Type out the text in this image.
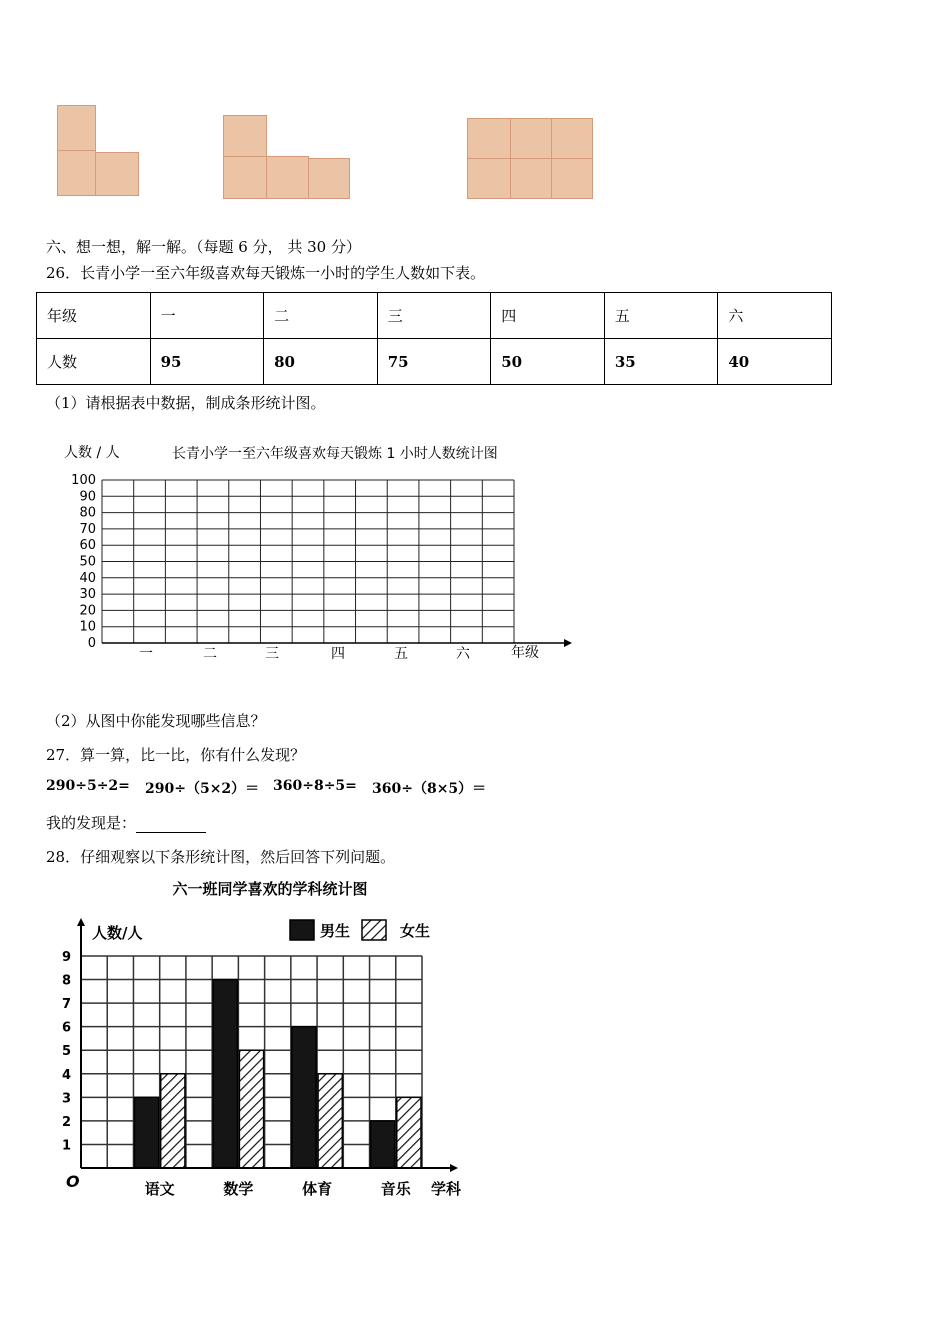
六、想一想，解一解。（每题 6 分， 共 30 分）
26．长青小学一至六年级喜欢每天锻炼一小时的学生人数如下表。
年级	一	二	三	四	五	六
人数	95	80	75	50	35	40
（1）请根据表中数据，制成条形统计图。
人数 / 人	长青小学一至六年级喜欢每天锻炼 1 小时人数统计图
0
10
20
30
40
50
60
70
80
90
100
一	二	三	四	五	六	年级
（2）从图中你能发现哪些信息？
27．算一算，比一比，你有什么发现？
290÷5÷2= 290÷（5×2）＝ 360÷8÷5= 360÷（8×5）＝
我的发现是：
28．仔细观察以下条形统计图，然后回答下列问题。
六一班同学喜欢的学科统计图
人数/人	男生	女生
1
2
3
4
5
6
7
8
9
语文	数学	体育	音乐
O	学科
